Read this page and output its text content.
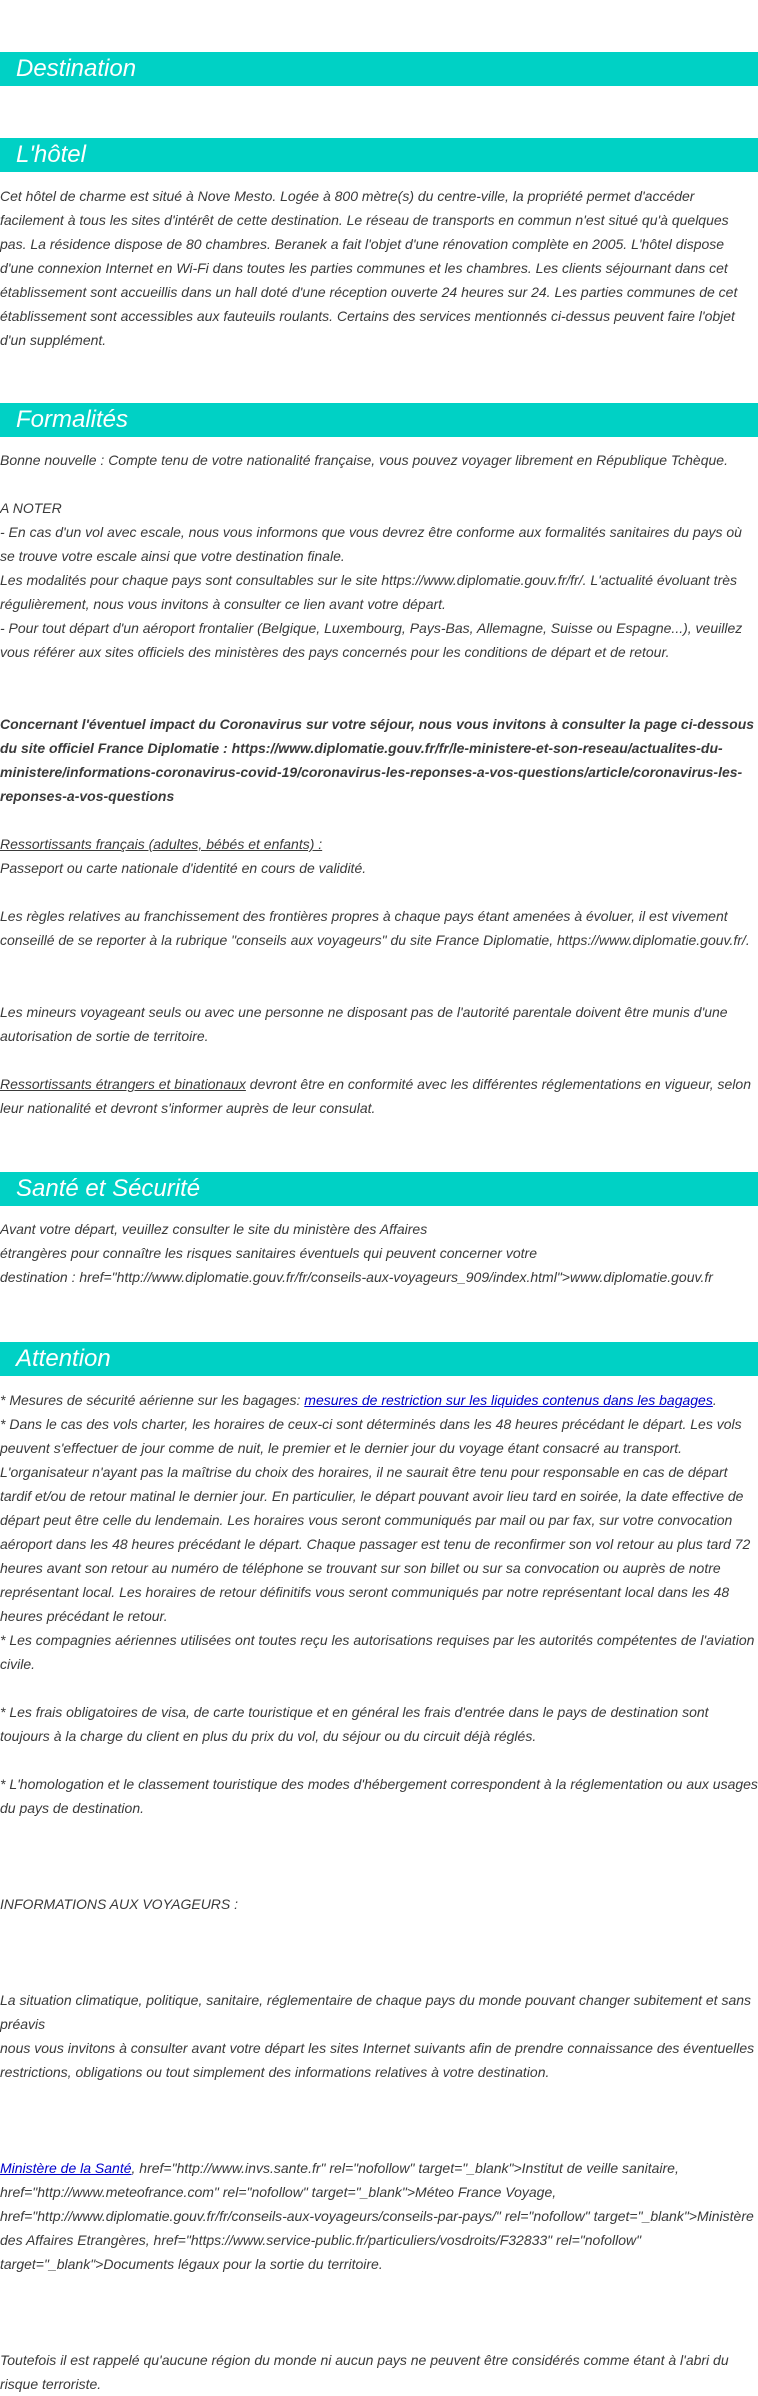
Destination
L'hôtel

Cet hôtel de charme est situé à Nove Mesto. Logée à 800 mètre(s) du centre-ville, la propriété permet d'accéder facilement à tous les sites d'intérêt de cette destination. Le réseau de transports en commun n'est situé qu'à quelques pas. La résidence dispose de 80 chambres. Beranek a fait l'objet d'une rénovation complète en 2005. L'hôtel dispose d'une connexion Internet en Wi-Fi dans toutes les parties communes et les chambres. Les clients séjournant dans cet établissement sont accueillis dans un hall doté d'une réception ouverte 24 heures sur 24. Les parties communes de cet établissement sont accessibles aux fauteuils roulants. Certains des services mentionnés ci-dessus peuvent faire l'objet d'un supplément.

Formalités

Bonne nouvelle : Compte tenu de votre nationalité française, vous pouvez voyager librement en République Tchèque.

A NOTER

- En cas d'un vol avec escale, nous vous informons que vous devrez être conforme aux formalités sanitaires du pays où se trouve votre escale ainsi que votre destination finale.

Les modalités pour chaque pays sont consultables sur le site https://www.diplomatie.gouv.fr/fr/. L'actualité évoluant très régulièrement, nous vous invitons à consulter ce lien avant votre départ.

- Pour tout départ d'un aéroport frontalier (Belgique, Luxembourg, Pays-Bas, Allemagne, Suisse ou Espagne...), veuillez vous référer aux sites officiels des ministères des pays concernés pour les conditions de départ et de retour.

Concernant l'éventuel impact du Coronavirus sur votre séjour, nous vous invitons à consulter la page ci-dessous du site officiel France Diplomatie : https://www.diplomatie.gouv.fr/fr/le-ministere-et-son-reseau/actualites-du-ministere/informations-coronavirus-covid-19/coronavirus-les-reponses-a-vos-questions/article/coronavirus-les-reponses-a-vos-questions

Ressortissants français (adultes, bébés et enfants) :

Passeport ou carte nationale d'identité en cours de validité.

Les règles relatives au franchissement des frontières propres à chaque pays étant amenées à évoluer, il est vivement conseillé de se reporter à la rubrique "conseils aux voyageurs" du site France Diplomatie, https://www.diplomatie.gouv.fr/.

Les mineurs voyageant seuls ou avec une personne ne disposant pas de l'autorité parentale doivent être munis d'une autorisation de sortie de territoire.

Ressortissants étrangers et binationaux devront être en conformité avec les différentes réglementations en vigueur, selon leur nationalité et devront s'informer auprès de leur consulat.

Santé et Sécurité

Avant votre départ, veuillez consulter le site du ministère des Affaires

étrangères pour connaître les risques sanitaires éventuels qui peuvent concerner votre

destination : href="http://www.diplomatie.gouv.fr/fr/conseils-aux-voyageurs_909/index.html">www.diplomatie.gouv.fr

Attention

* Mesures de sécurité aérienne sur les bagages: mesures de restriction sur les liquides contenus dans les bagages.

* Dans le cas des vols charter, les horaires de ceux-ci sont déterminés dans les 48 heures précédant le départ. Les vols peuvent s'effectuer de jour comme de nuit, le premier et le dernier jour du voyage étant consacré au transport. L'organisateur n'ayant pas la maîtrise du choix des horaires, il ne saurait être tenu pour responsable en cas de départ tardif et/ou de retour matinal le dernier jour. En particulier, le départ pouvant avoir lieu tard en soirée, la date effective de départ peut être celle du lendemain. Les horaires vous seront communiqués par mail ou par fax, sur votre convocation aéroport dans les 48 heures précédant le départ. Chaque passager est tenu de reconfirmer son vol retour au plus tard 72 heures avant son retour au numéro de téléphone se trouvant sur son billet ou sur sa convocation ou auprès de notre représentant local. Les horaires de retour définitifs vous seront communiqués par notre représentant local dans les 48 heures précédant le retour.

* Les compagnies aériennes utilisées ont toutes reçu les autorisations requises par les autorités compétentes de l'aviation civile.

* Les frais obligatoires de visa, de carte touristique et en général les frais d'entrée dans le pays de destination sont toujours à la charge du client en plus du prix du vol, du séjour ou du circuit déjà réglés.

* L'homologation et le classement touristique des modes d'hébergement correspondent à la réglementation ou aux usages du pays de destination.

INFORMATIONS AUX VOYAGEURS :

La situation climatique, politique, sanitaire, réglementaire de chaque pays du monde pouvant changer subitement et sans préavis

nous vous invitons à consulter avant votre départ les sites Internet suivants afin de prendre connaissance des éventuelles restrictions, obligations ou tout simplement des informations relatives à votre destination.

Ministère de la Santé, href="http://www.invs.sante.fr" rel="nofollow" target="_blank">Institut de veille sanitaire, href="http://www.meteofrance.com" rel="nofollow" target="_blank">Méteo France Voyage, href="http://www.diplomatie.gouv.fr/fr/conseils-aux-voyageurs/conseils-par-pays/" rel="nofollow" target="_blank">Ministère des Affaires Etrangères, href="https://www.service-public.fr/particuliers/vosdroits/F32833" rel="nofollow" target="_blank">Documents légaux pour la sortie du territoire.

Toutefois il est rappelé qu'aucune région du monde ni aucun pays ne peuvent être considérés comme étant à l'abri du risque terroriste.
